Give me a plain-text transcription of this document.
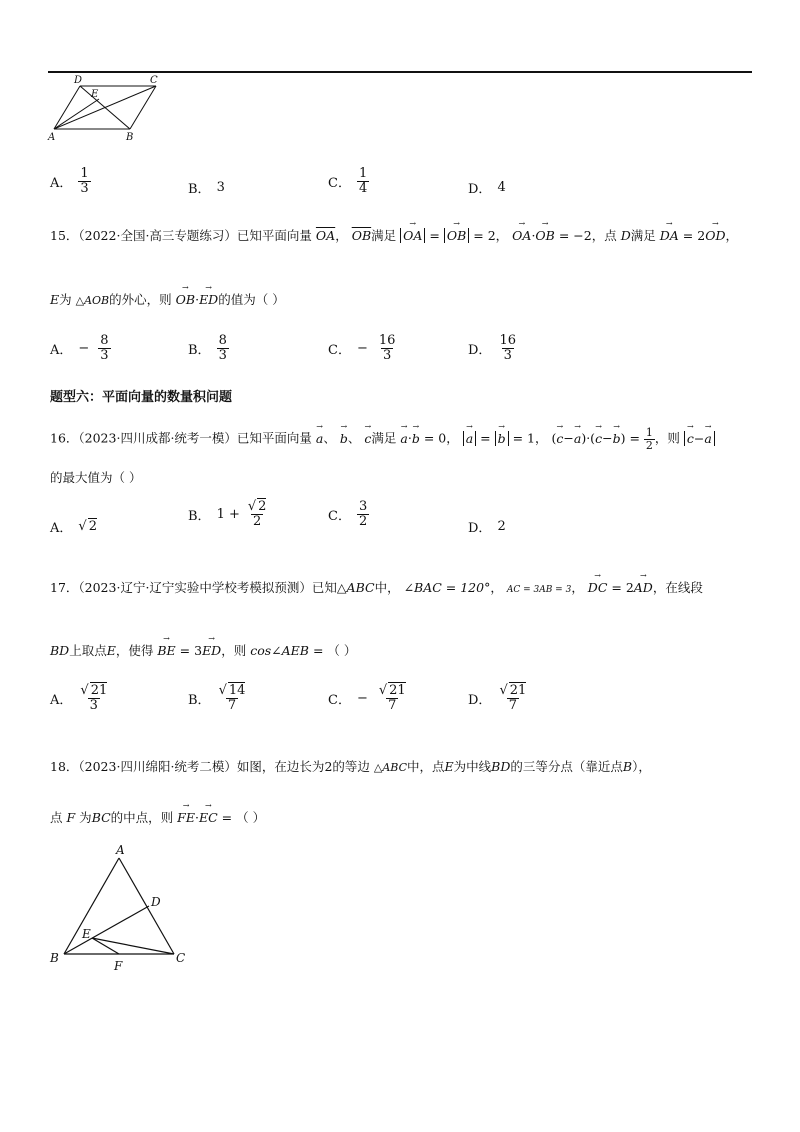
D	C
E
A	B
A． $\frac{1}{3}$	B． 3	C． $\frac{1}{4}$	D． 4
15．（2022·全国·高三专题练习）已知平面向量 $\overline{OA}$， $\overline{OB}$满足 → OA = → OB = 2， → OA·→ OB = −2，点 D满足 → DA = 2→ OD，
E为 △AOB的外心，则 → OB·→ ED的值为（ ）
A． − $\frac{8}{3}$	B． $\frac{8}{3}$	C． − $\frac{16}{3}$	D． $\frac{16}{3}$
题型六：平面向量的数量积问题
16．（2023·四川成都·统考一模）已知平面向量 → a、 → b、 → c满足 → a·→ b = 0， → a = → b = 1， (→ $c-\to a)\cdot(\to c-\to b) = \frac{1}{2}$ ，则 → c−→ a
的最大值为（ ）
A． √ 2
B． $1 + \frac{√ 2}{2}$	C． $\frac{3}{2}$
D． 2
17．（2023·辽宁·辽宁实验中学校考模拟预测）已知△ABC中， ∠BAC = 120°， AC = 3AB = 3， → DC = 2→ AD，在线段
BD上取点E，使得 → BE = 3→ ED，则 cos∠AEB = （ ）
A． $\frac{√ 21}{3}$	B． $\frac{√ 14}{7}$	C． − $\frac{√ 21}{7}$	D． $\frac{√ 21}{7}$
18．（2023·四川绵阳·统考二模）如图，在边长为2的等边 △ABC中，点E为中线BD的三等分点（靠近点B），
点 F 为BC的中点，则 → FE·→ EC = （ ）
A
D
E
B
F
C
